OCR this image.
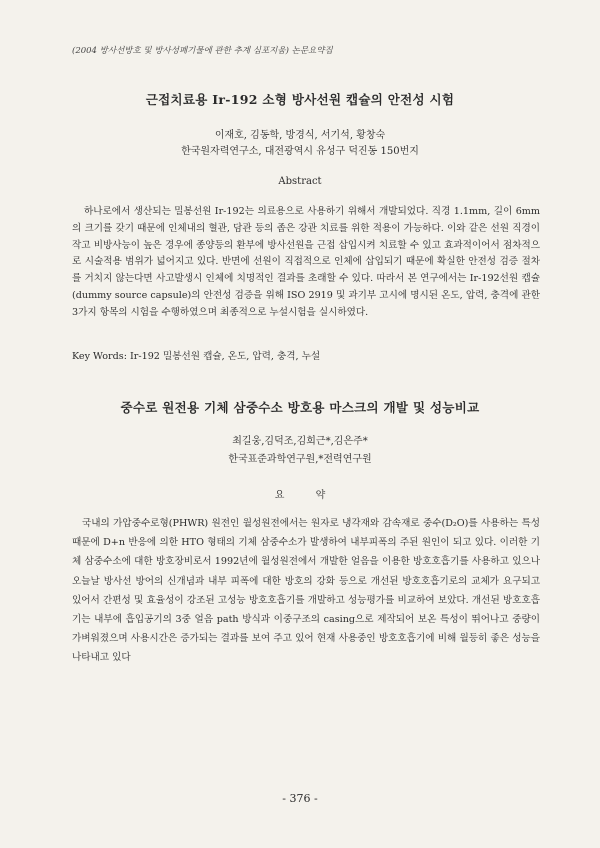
(2004 방사선방호 및 방사성폐기물에 관한 추계 심포지움) 논문요약집
근접치료용 Ir-192 소형 방사선원 캡슐의 안전성 시험
이재호, 김동학, 방경식, 서기석, 황창숙
한국원자력연구소, 대전광역시 유성구 덕진동 150번지
Abstract

하나로에서 생산되는 밀봉선원 Ir-192는 의료용으로 사용하기 위해서 개발되었다. 직경 1.1mm, 길이 6mm의 크기를 갖기 때문에 인체내의 혈관, 담관 등의 좁은 강관 치료를 위한 적용이 가능하다. 이와 같은 선원 직경이 작고 비방사능이 높은 경우에 종양등의 환부에 방사선원을 근접 삽입시켜 치료할 수 있고 효과적이어서 점차적으로 시술적용 범위가 넓어지고 있다. 반면에 선원이 직접적으로 인체에 삽입되기 때문에 확실한 안전성 검증 절차를 거치지 않는다면 사고발생시 인체에 치명적인 결과를 초래할 수 있다. 따라서 본 연구에서는 Ir-192선원 캡슐(dummy source capsule)의 안전성 검증을 위해 ISO 2919 및 과기부 고시에 명시된 온도, 압력, 충격에 관한 3가지 항목의 시험을 수행하였으며 최종적으로 누설시험을 실시하였다.

Key Words: Ir-192 밀봉선원 캡슐, 온도, 압력, 충격, 누설
중수로 원전용 기체 삼중수소 방호용 마스크의 개발 및 성능비교
최길웅,김덕조,김희근*,김은주*
한국표준과학연구원,*전력연구원
요 약

국내의 가압중수로형(PHWR) 원전인 월성원전에서는 원자로 냉각재와 감속재로 중수(D₂O)를 사용하는 특성 때문에 D+n 반응에 의한 HTO 형태의 기체 삼중수소가 발생하여 내부피폭의 주된 원인이 되고 있다. 이러한 기체 삼중수소에 대한 방호장비로서 1992년에 월성원전에서 개발한 얼음을 이용한 방호호흡기를 사용하고 있으나 오늘날 방사선 방어의 신개념과 내부 피폭에 대한 방호의 강화 등으로 개선된 방호호흡기로의 교체가 요구되고 있어서 간편성 및 효율성이 강조된 고성능 방호호흡기를 개발하고 성능평가를 비교하여 보았다. 개선된 방호호흡기는 내부에 흡입공기의 3중 얼음 path 방식과 이중구조의 casing으로 제작되어 보온 특성이 뛰어나고 중량이 가벼워졌으며 사용시간은 증가되는 결과를 보여 주고 있어 현재 사용중인 방호호흡기에 비해 월등히 좋은 성능을 나타내고 있다

- 376 -
